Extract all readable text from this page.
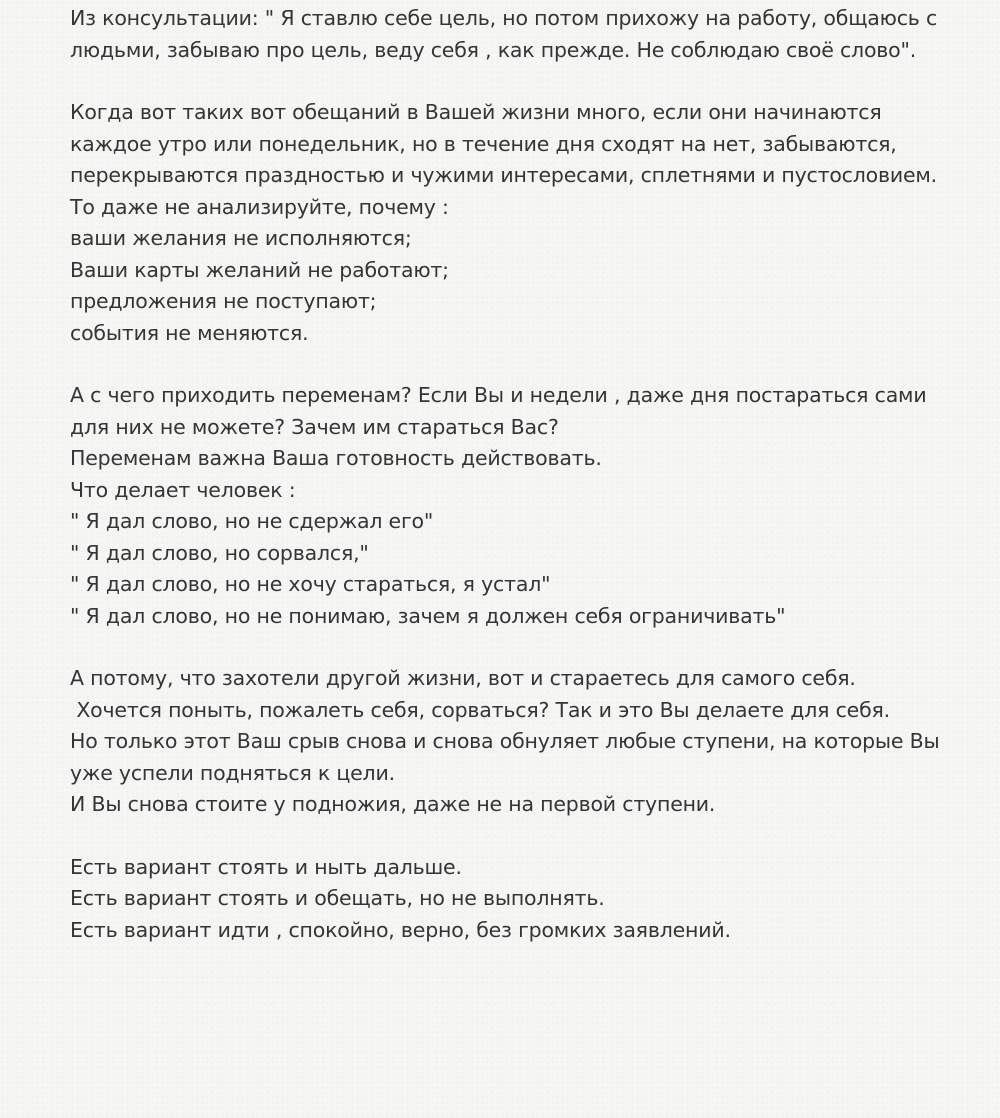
Из консультации: " Я ставлю себе цель, но потом прихожу на работу, общаюсь с
людьми, забываю про цель, веду себя , как прежде. Не соблюдаю своё слово".
Когда вот таких вот обещаний в Вашей жизни много, если они начинаются
каждое утро или понедельник, но в течение дня сходят на нет, забываются,
перекрываются праздностью и чужими интересами, сплетнями и пустословием.
То даже не анализируйте, почему :
ваши желания не исполняются;
Ваши карты желаний не работают;
предложения не поступают;
события не меняются.
А с чего приходить переменам? Если Вы и недели , даже дня постараться сами
для них не можете? Зачем им стараться Вас?
Переменам важна Ваша готовность действовать.
Что делает человек :
" Я дал слово, но не сдержал его"
" Я дал слово, но сорвался,"
" Я дал слово, но не хочу стараться, я устал"
" Я дал слово, но не понимаю, зачем я должен себя ограничивать"
А потому, что захотели другой жизни, вот и стараетесь для самого себя.
Хочется поныть, пожалеть себя, сорваться? Так и это Вы делаете для себя.
Но только этот Ваш срыв снова и снова обнуляет любые ступени, на которые Вы
уже успели подняться к цели.
И Вы снова стоите у подножия, даже не на первой ступени.
Есть вариант стоять и ныть дальше.
Есть вариант стоять и обещать, но не выполнять.
Есть вариант идти , спокойно, верно, без громких заявлений.
